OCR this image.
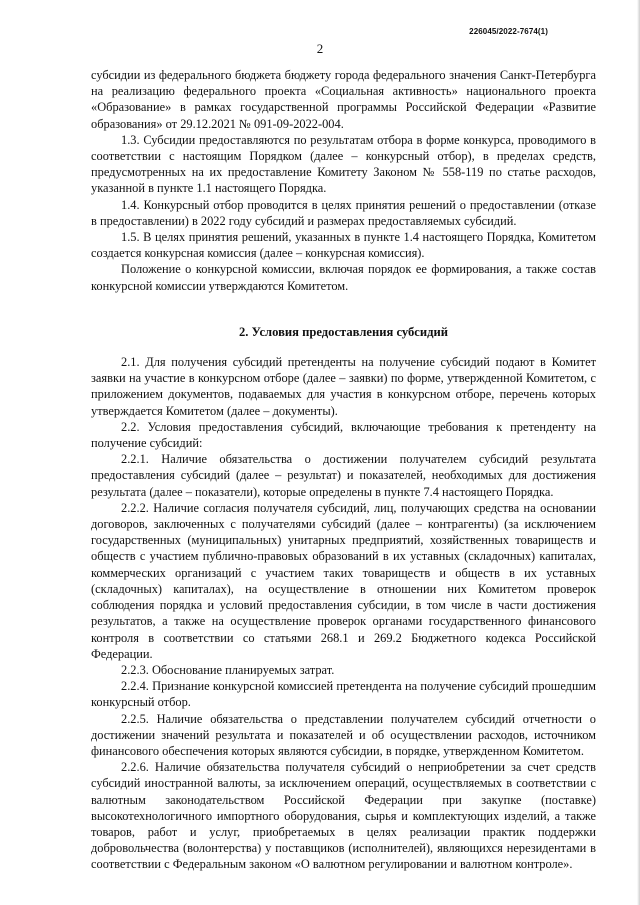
226045/2022-7674(1)
2

субсидии из федерального бюджета бюджету города федерального значения Санкт-Петербурга на реализацию федерального проекта «Социальная активность» национального проекта «Образование» в рамках государственной программы Российской Федерации «Развитие образования» от 29.12.2021 № 091-09-2022-004.

1.3. Субсидии предоставляются по результатам отбора в форме конкурса, проводимого в соответствии с настоящим Порядком (далее – конкурсный отбор), в пределах средств, предусмотренных на их предоставление Комитету Законом № 558-119 по статье расходов, указанной в пункте 1.1 настоящего Порядка.

1.4. Конкурсный отбор проводится в целях принятия решений о предоставлении (отказе в предоставлении) в 2022 году субсидий и размерах предоставляемых субсидий.

1.5. В целях принятия решений, указанных в пункте 1.4 настоящего Порядка, Комитетом создается конкурсная комиссия (далее – конкурсная комиссия).

Положение о конкурсной комиссии, включая порядок ее формирования, а также состав конкурсной комиссии утверждаются Комитетом.

2. Условия предоставления субсидий

2.1. Для получения субсидий претенденты на получение субсидий подают в Комитет заявки на участие в конкурсном отборе (далее – заявки) по форме, утвержденной Комитетом, с приложением документов, подаваемых для участия в конкурсном отборе, перечень которых утверждается Комитетом (далее – документы).

2.2. Условия предоставления субсидий, включающие требования к претенденту на получение субсидий:

2.2.1. Наличие обязательства о достижении получателем субсидий результата предоставления субсидий (далее – результат) и показателей, необходимых для достижения результата (далее – показатели), которые определены в пункте 7.4 настоящего Порядка.

2.2.2. Наличие согласия получателя субсидий, лиц, получающих средства на основании договоров, заключенных с получателями субсидий (далее – контрагенты) (за исключением государственных (муниципальных) унитарных предприятий, хозяйственных товариществ и обществ с участием публично-правовых образований в их уставных (складочных) капиталах, коммерческих организаций с участием таких товариществ и обществ в их уставных (складочных) капиталах), на осуществление в отношении них Комитетом проверок соблюдения порядка и условий предоставления субсидии, в том числе в части достижения результатов, а также на осуществление проверок органами государственного финансового контроля в соответствии со статьями 268.1 и 269.2 Бюджетного кодекса Российской Федерации.

2.2.3. Обоснование планируемых затрат.

2.2.4. Признание конкурсной комиссией претендента на получение субсидий прошедшим конкурсный отбор.

2.2.5. Наличие обязательства о представлении получателем субсидий отчетности о достижении значений результата и показателей и об осуществлении расходов, источником финансового обеспечения которых являются субсидии, в порядке, утвержденном Комитетом.

2.2.6. Наличие обязательства получателя субсидий о неприобретении за счет средств субсидий иностранной валюты, за исключением операций, осуществляемых в соответствии с валютным законодательством Российской Федерации при закупке (поставке) высокотехнологичного импортного оборудования, сырья и комплектующих изделий, а также товаров, работ и услуг, приобретаемых в целях реализации практик поддержки добровольчества (волонтерства) у поставщиков (исполнителей), являющихся нерезидентами в соответствии с Федеральным законом «О валютном регулировании и валютном контроле».
